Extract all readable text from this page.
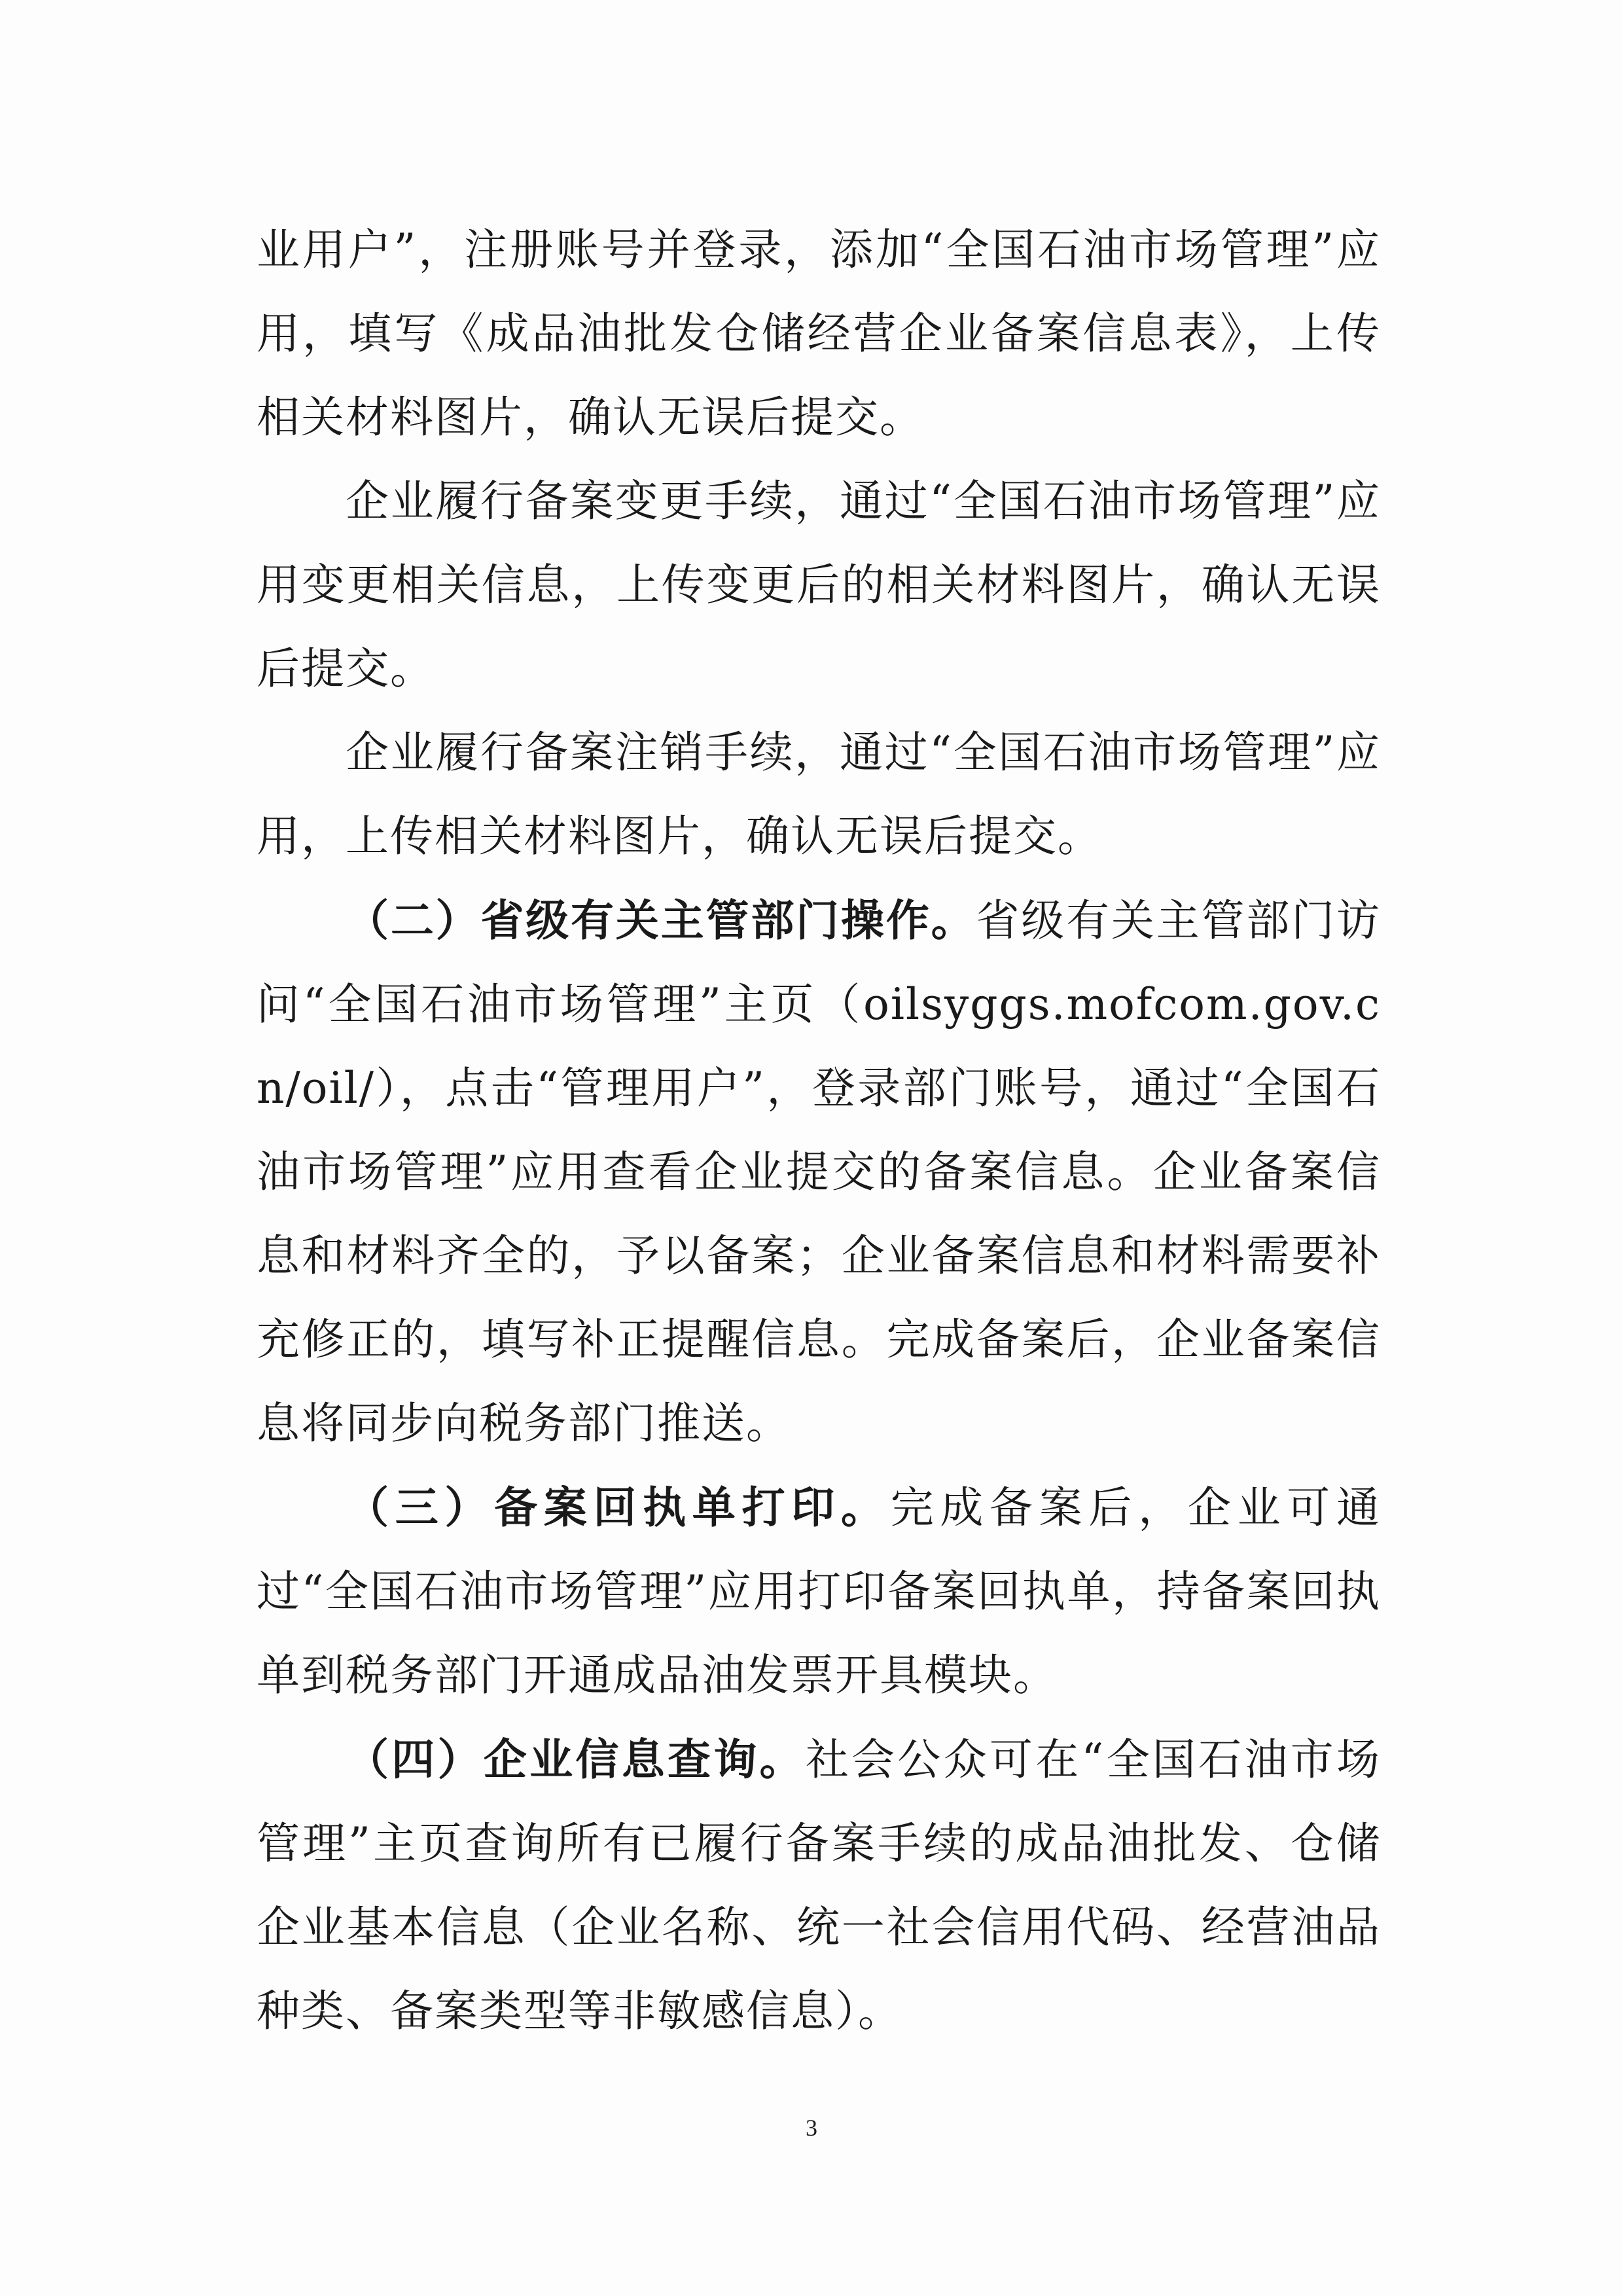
业用户”，注册账号并登录，添加“全国石油市场管理”应用，填写《成品油批发仓储经营企业备案信息表》，上传相关材料图片，确认无误后提交。

企业履行备案变更手续，通过“全国石油市场管理”应用变更相关信息，上传变更后的相关材料图片，确认无误后提交。

企业履行备案注销手续，通过“全国石油市场管理”应用，上传相关材料图片，确认无误后提交。

（二）省级有关主管部门操作。省级有关主管部门访问“全国石油市场管理”主页（oilsyggs.mofcom.gov.cn/oil/），点击“管理用户”，登录部门账号，通过“全国石油市场管理”应用查看企业提交的备案信息。企业备案信息和材料齐全的，予以备案；企业备案信息和材料需要补充修正的，填写补正提醒信息。完成备案后，企业备案信息将同步向税务部门推送。

（三）备案回执单打印。完成备案后，企业可通过“全国石油市场管理”应用打印备案回执单，持备案回执单到税务部门开通成品油发票开具模块。

（四）企业信息查询。社会公众可在“全国石油市场管理”主页查询所有已履行备案手续的成品油批发、仓储企业基本信息（企业名称、统一社会信用代码、经营油品种类、备案类型等非敏感信息）。

3
